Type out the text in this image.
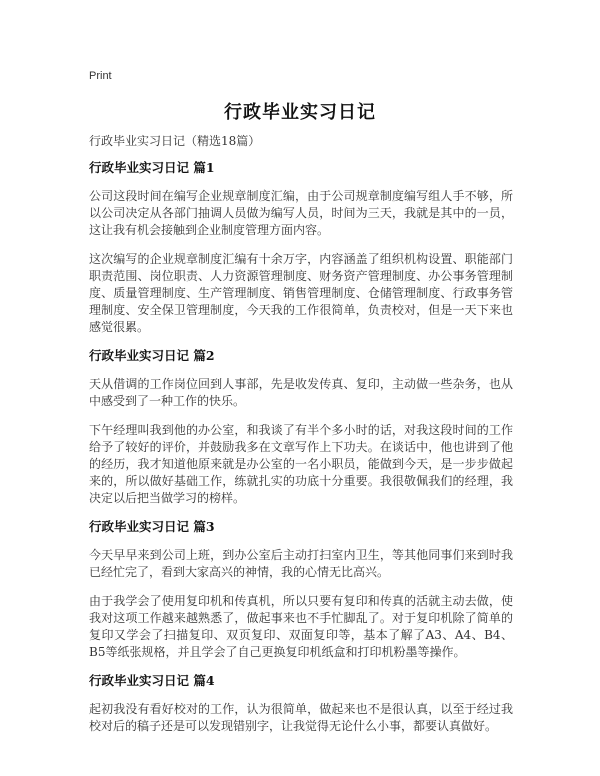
Print
行政毕业实习日记
行政毕业实习日记（精选18篇）
行政毕业实习日记 篇1

公司这段时间在编写企业规章制度汇编，由于公司规章制度编写组人手不够，所以公司决定从各部门抽调人员做为编写人员，时间为三天，我就是其中的一员，这让我有机会接触到企业制度管理方面内容。

这次编写的企业规章制度汇编有十余万字，内容涵盖了组织机构设置、职能部门职责范围、岗位职责、人力资源管理制度、财务资产管理制度、办公事务管理制度、质量管理制度、生产管理制度、销售管理制度、仓储管理制度、行政事务管理制度、安全保卫管理制度，今天我的工作很简单，负责校对，但是一天下来也感觉很累。

行政毕业实习日记 篇2

天从借调的工作岗位回到人事部，先是收发传真、复印，主动做一些杂务，也从中感受到了一种工作的快乐。

下午经理叫我到他的办公室，和我谈了有半个多小时的话，对我这段时间的工作给予了较好的评价，并鼓励我多在文章写作上下功夫。在谈话中，他也讲到了他的经历，我才知道他原来就是办公室的一名小职员，能做到今天，是一步步做起来的，所以做好基础工作，练就扎实的功底十分重要。我很敬佩我们的经理，我决定以后把当做学习的榜样。

行政毕业实习日记 篇3

今天早早来到公司上班，到办公室后主动打扫室内卫生，等其他同事们来到时我已经忙完了，看到大家高兴的神情，我的心情无比高兴。

由于我学会了使用复印机和传真机，所以只要有复印和传真的活就主动去做，使我对这项工作越来越熟悉了，做起事来也不手忙脚乱了。对于复印机除了简单的复印又学会了扫描复印、双页复印、双面复印等，基本了解了A3、A4、B4、B5等纸张规格，并且学会了自己更换复印机纸盒和打印机粉墨等操作。

行政毕业实习日记 篇4

起初我没有看好校对的工作，认为很简单，做起来也不是很认真，以至于经过我校对后的稿子还是可以发现错别字，让我觉得无论什么小事，都要认真做好。
